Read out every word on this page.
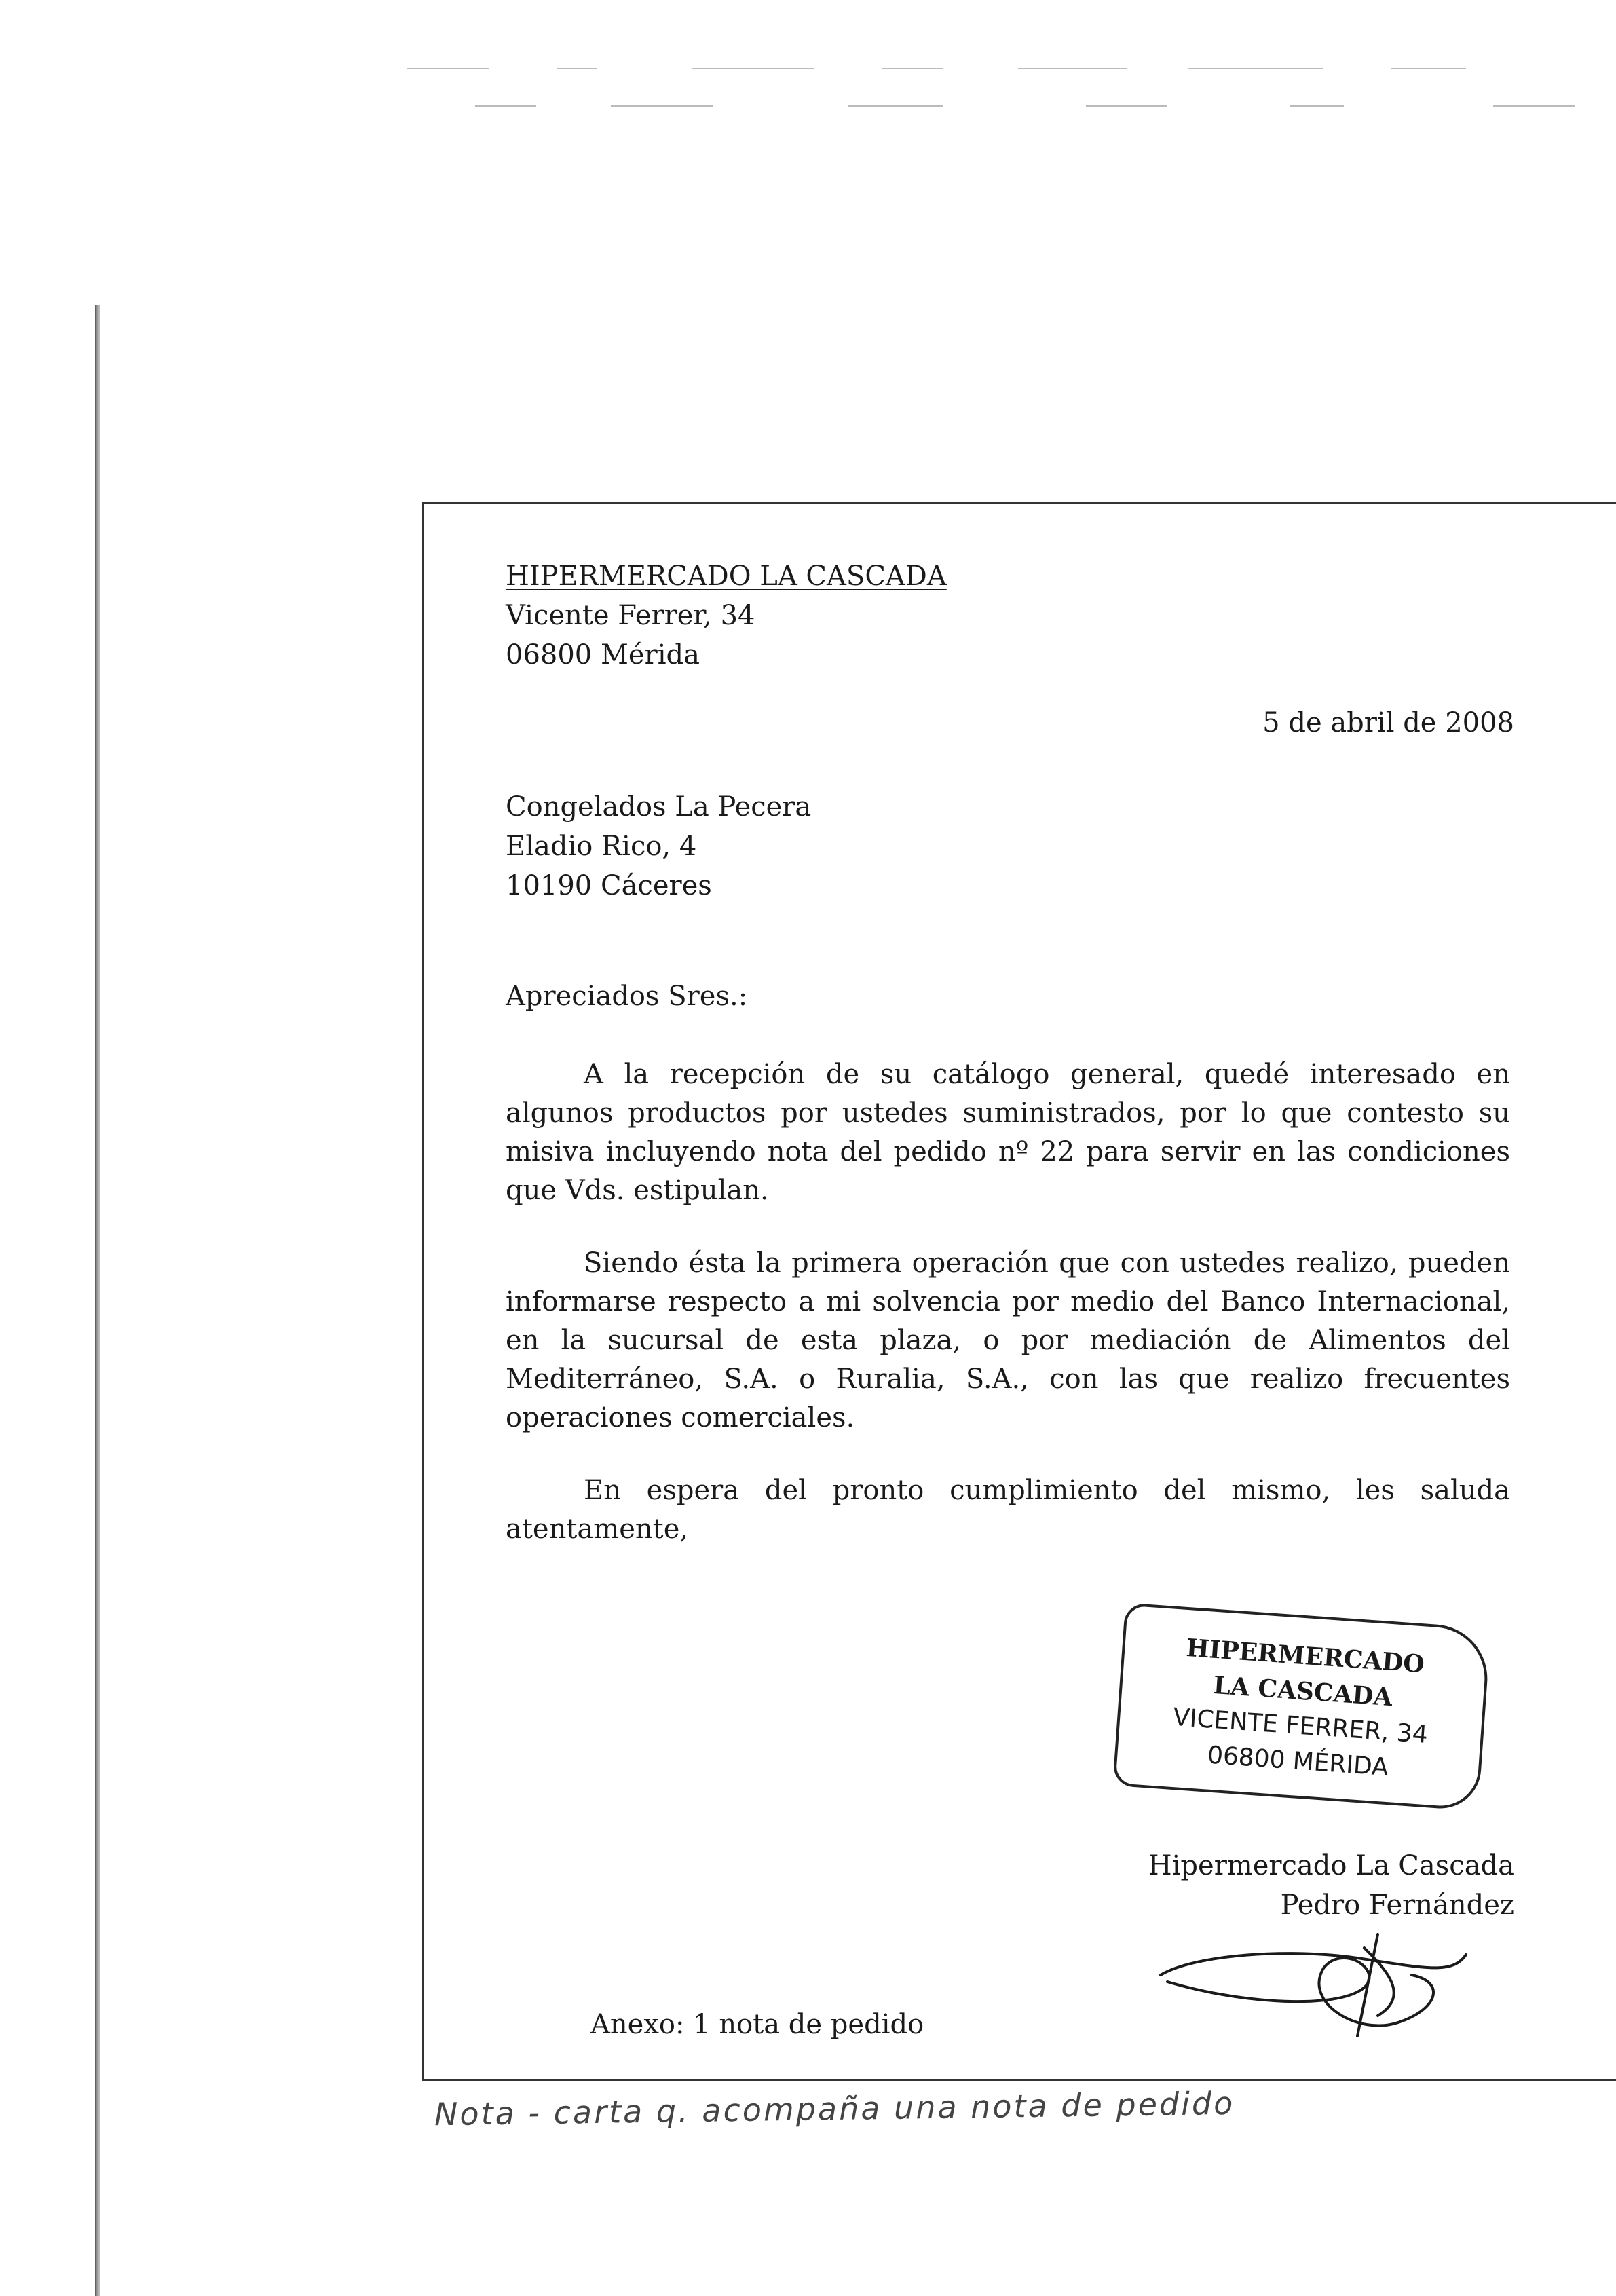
HIPERMERCADO LA CASCADA
Vicente Ferrer, 34
06800 Mérida
5 de abril de 2008
Congelados La Pecera
Eladio Rico, 4
10190 Cáceres
Apreciados Sres.:

A la recepción de su catálogo general, quedé interesado en algunos productos por ustedes suministrados, por lo que contesto su misiva incluyendo nota del pedido nº 22 para servir en las condiciones que Vds. estipulan.

Siendo ésta la primera operación que con ustedes realizo, pueden informarse respecto a mi solvencia por medio del Banco Internacional, en la sucursal de esta plaza, o por mediación de Alimentos del Mediterráneo, S.A. o Ruralia, S.A., con las que realizo frecuentes operaciones comerciales.

En espera del pronto cumplimiento del mismo, les saluda atentamente,

HIPERMERCADO
LA CASCADA
VICENTE FERRER, 34
06800 MÉRIDA
Hipermercado La Cascada
Pedro Fernández
Anexo: 1 nota de pedido
Nota - carta q. acompaña una nota de pedido
